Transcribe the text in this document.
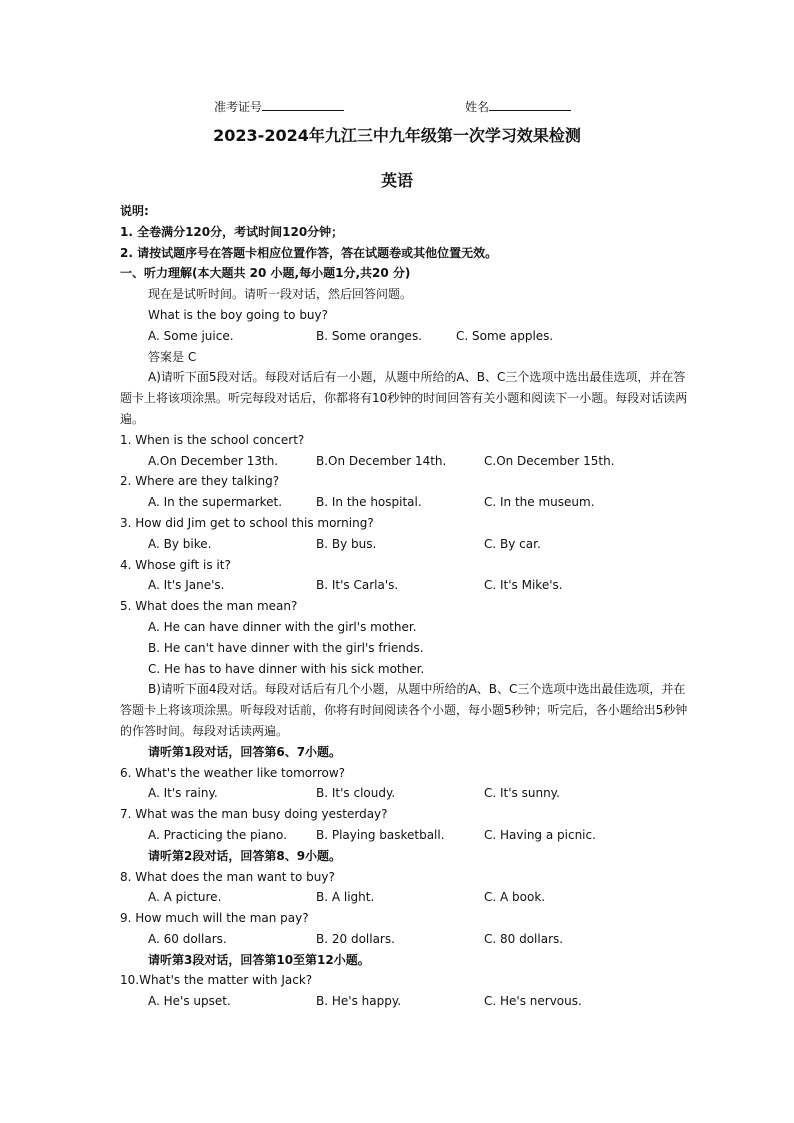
准考证号	姓名
2023-2024年九江三中九年级第一次学习效果检测
英语
说明:
1. 全卷满分120分，考试时间120分钟；
2. 请按试题序号在答题卡相应位置作答，答在试题卷或其他位置无效。
一、听力理解(本大题共 20 小题,每小题1分,共20 分)
现在是试听时间。请听一段对话，然后回答问题。
What is the boy going to buy?
A. Some juice.	B. Some oranges.	C. Some apples.
答案是 C
A)请听下面5段对话。每段对话后有一小题，从题中所给的A、B、C三个选项中选出最佳选项，并在答题卡上将该项涂黑。听完每段对话后，你都将有10秒钟的时间回答有关小题和阅读下一小题。每段对话读两遍。
1. When is the school concert?
A.On December 13th.	B.On December 14th.	C.On December 15th.
2. Where are they talking?
A. In the supermarket.	B. In the hospital.	C. In the museum.
3. How did Jim get to school this morning?
A. By bike.	B. By bus.	C. By car.
4. Whose gift is it?
A. It's Jane's.	B. It's Carla's.	C. It's Mike's.
5. What does the man mean?
A. He can have dinner with the girl's mother.
B. He can't have dinner with the girl's friends.
C. He has to have dinner with his sick mother.
B)请听下面4段对话。每段对话后有几个小题，从题中所给的A、B、C三个选项中选出最佳选项，并在答题卡上将该项涂黑。听每段对话前，你将有时间阅读各个小题，每小题5秒钟；听完后，各小题给出5秒钟的作答时间。每段对话读两遍。
请听第1段对话，回答第6、7小题。
6. What's the weather like tomorrow?
A. It's rainy.	B. It's cloudy.	C. It's sunny.
7. What was the man busy doing yesterday?
A. Practicing the piano.	B. Playing basketball.	C. Having a picnic.
请听第2段对话，回答第8、9小题。
8. What does the man want to buy?
A. A picture.	B. A light.	C. A book.
9. How much will the man pay?
A. 60 dollars.	B. 20 dollars.	C. 80 dollars.
请听第3段对话，回答第10至第12小题。
10.What's the matter with Jack?
A. He's upset.	B. He's happy.	C. He's nervous.
